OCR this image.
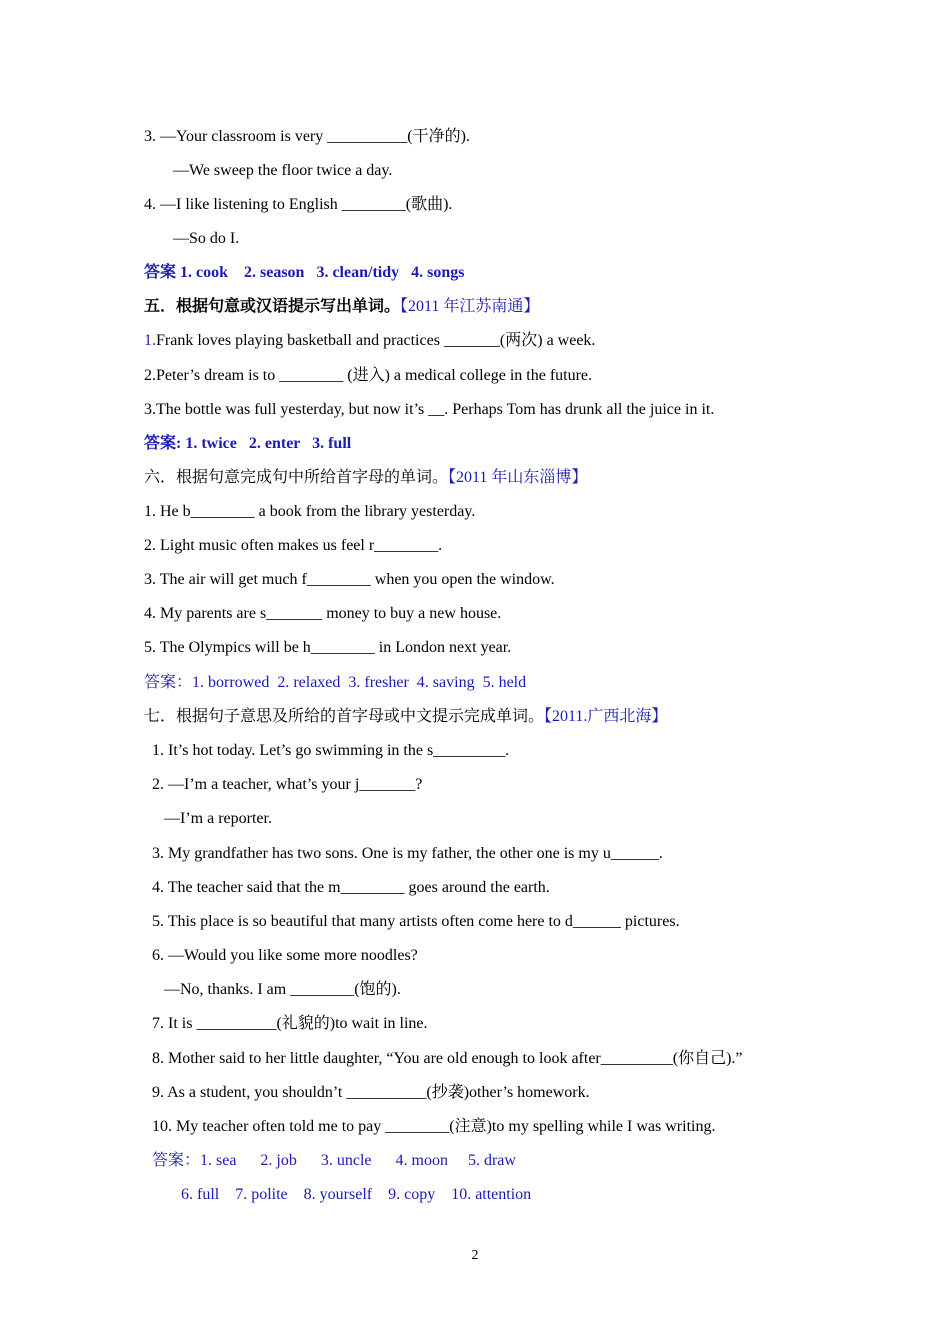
3. —Your classroom is very __________(干净的).
—We sweep the floor twice a day.
4. —I like listening to English ________(歌曲).
—So do I.
答案 1. cook    2. season   3. clean/tidy   4. songs
五．根据句意或汉语提示写出单词。【2011 年江苏南通】
1.Frank loves playing basketball and practices _______(两次) a week.
2.Peter’s dream is to ________ (进入) a medical college in the future.
3.The bottle was full yesterday, but now it’s __. Perhaps Tom has drunk all the juice in it.
答案: 1. twice   2. enter   3. full
六．根据句意完成句中所给首字母的单词。【2011 年山东淄博】
1. He b________ a book from the library yesterday.
2. Light music often makes us feel r________.
3. The air will get much f________ when you open the window.
4. My parents are s_______ money to buy a new house.
5. The Olympics will be h________ in London next year.
答案：1. borrowed  2. relaxed  3. fresher  4. saving  5. held
七．根据句子意思及所给的首字母或中文提示完成单词。【2011.广西北海】
1. It’s hot today. Let’s go swimming in the s_________.
2. —I’m a teacher, what’s your j_______?
—I’m a reporter.
3. My grandfather has two sons. One is my father, the other one is my u______.
4. The teacher said that the m________ goes around the earth.
5. This place is so beautiful that many artists often come here to d______ pictures.
6. —Would you like some more noodles?
—No, thanks. I am ________(饱的).
7. It is __________(礼貌的)to wait in line.
8. Mother said to her little daughter, “You are old enough to look after_________(你自己).”
9. As a student, you shouldn’t __________(抄袭)other’s homework.
10. My teacher often told me to pay ________(注意)to my spelling while I was writing.
答案：1. sea      2. job      3. uncle      4. moon     5. draw
6. full    7. polite    8. yourself    9. copy    10. attention
2
